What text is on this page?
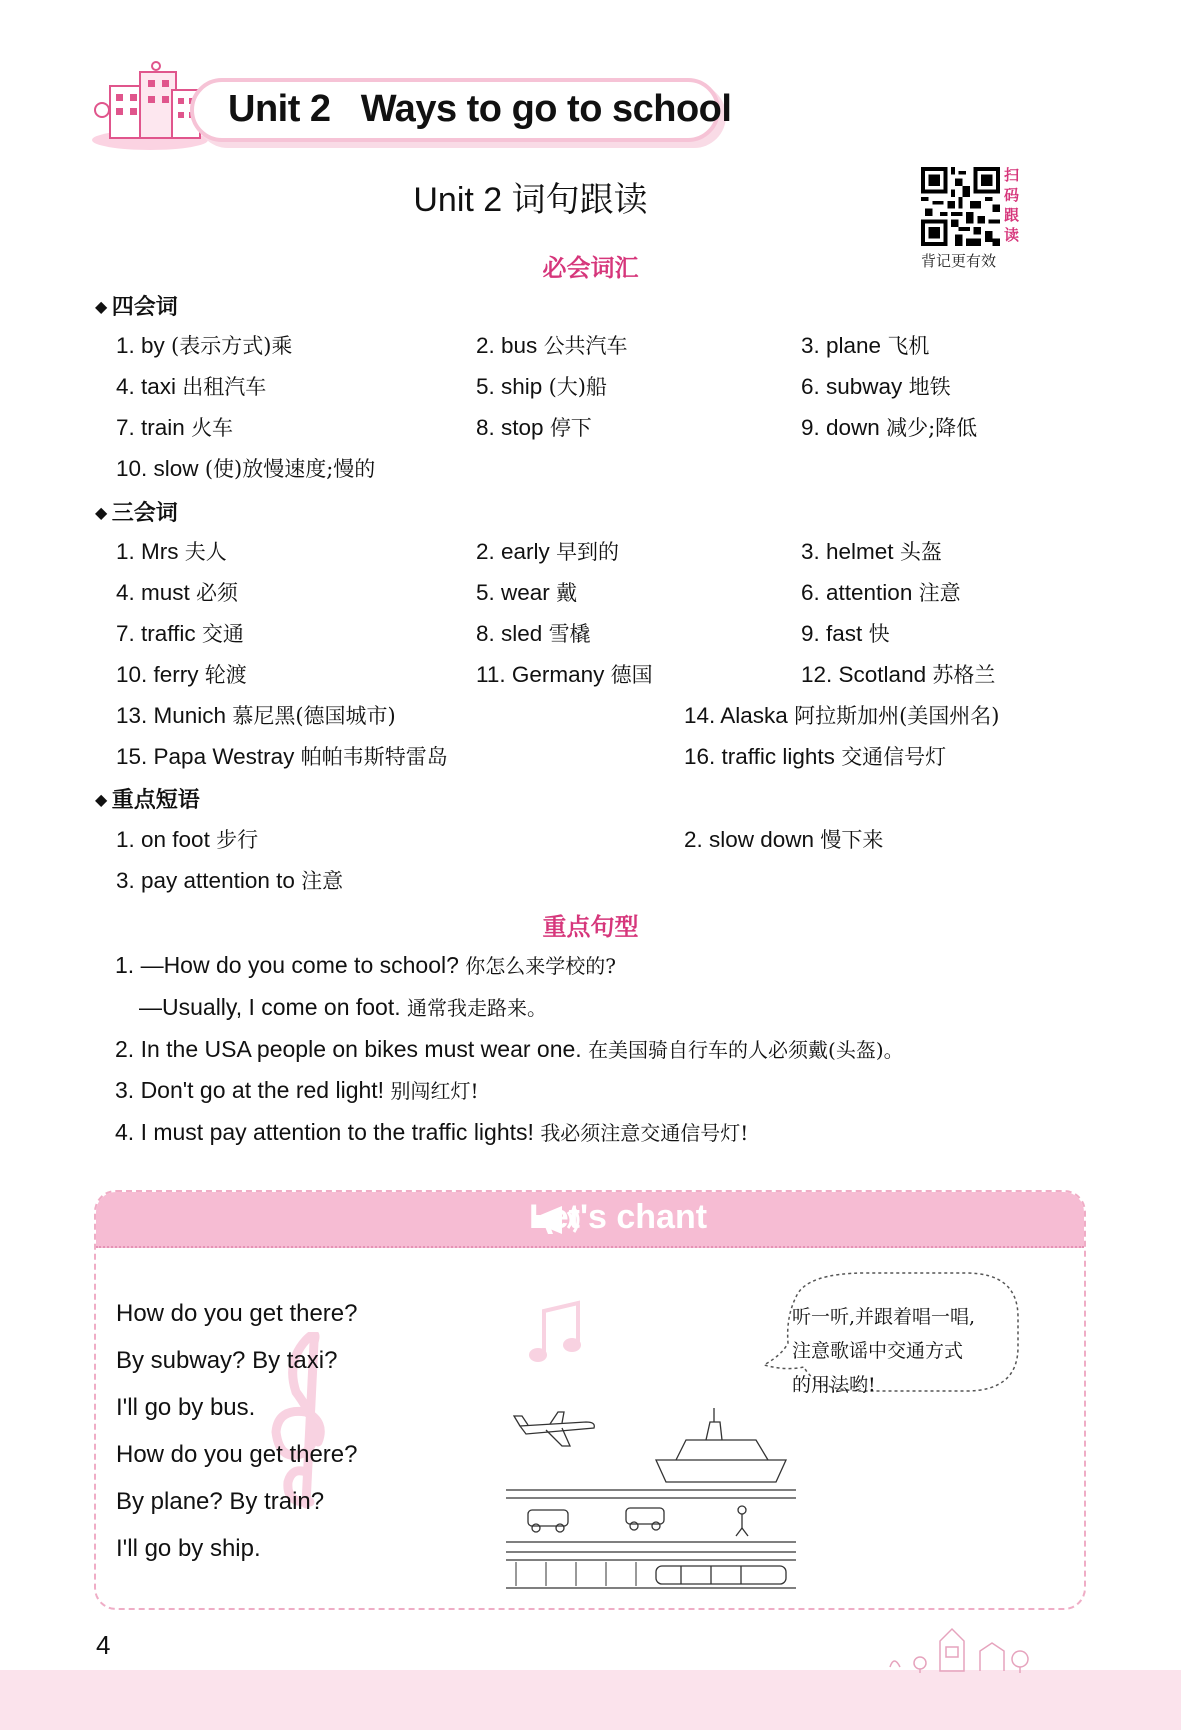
Unit 2   Ways to go to school
Unit 2 词句跟读
扫码跟读
背记更有效
必会词汇
◆ 四会词
1. by (表示方式)乘	2. bus 公共汽车	3. plane 飞机
4. taxi 出租汽车	5. ship (大)船	6. subway 地铁
7. train 火车	8. stop 停下	9. down 减少;降低
10. slow (使)放慢速度;慢的
◆ 三会词
1. Mrs 夫人	2. early 早到的	3. helmet 头盔
4. must 必须	5. wear 戴	6. attention 注意
7. traffic 交通	8. sled 雪橇	9. fast 快
10. ferry 轮渡	11. Germany 德国	12. Scotland 苏格兰
13. Munich 慕尼黑(德国城市)	14. Alaska 阿拉斯加州(美国州名)
15. Papa Westray 帕帕韦斯特雷岛	16. traffic lights 交通信号灯
◆ 重点短语
1. on foot 步行	2. slow down 慢下来
3. pay attention to 注意
重点句型
1. —How do you come to school? 你怎么来学校的?
—Usually, I come on foot. 通常我走路来。
2. In the USA people on bikes must wear one. 在美国骑自行车的人必须戴(头盔)。
3. Don't go at the red light! 别闯红灯!
4. I must pay attention to the traffic lights! 我必须注意交通信号灯!
Let's chant
How do you get there?
By subway? By taxi?
I'll go by bus.
How do you get there?
By plane? By train?
I'll go by ship.
听一听,并跟着唱一唱,
注意歌谣中交通方式
的用法哟!
4
